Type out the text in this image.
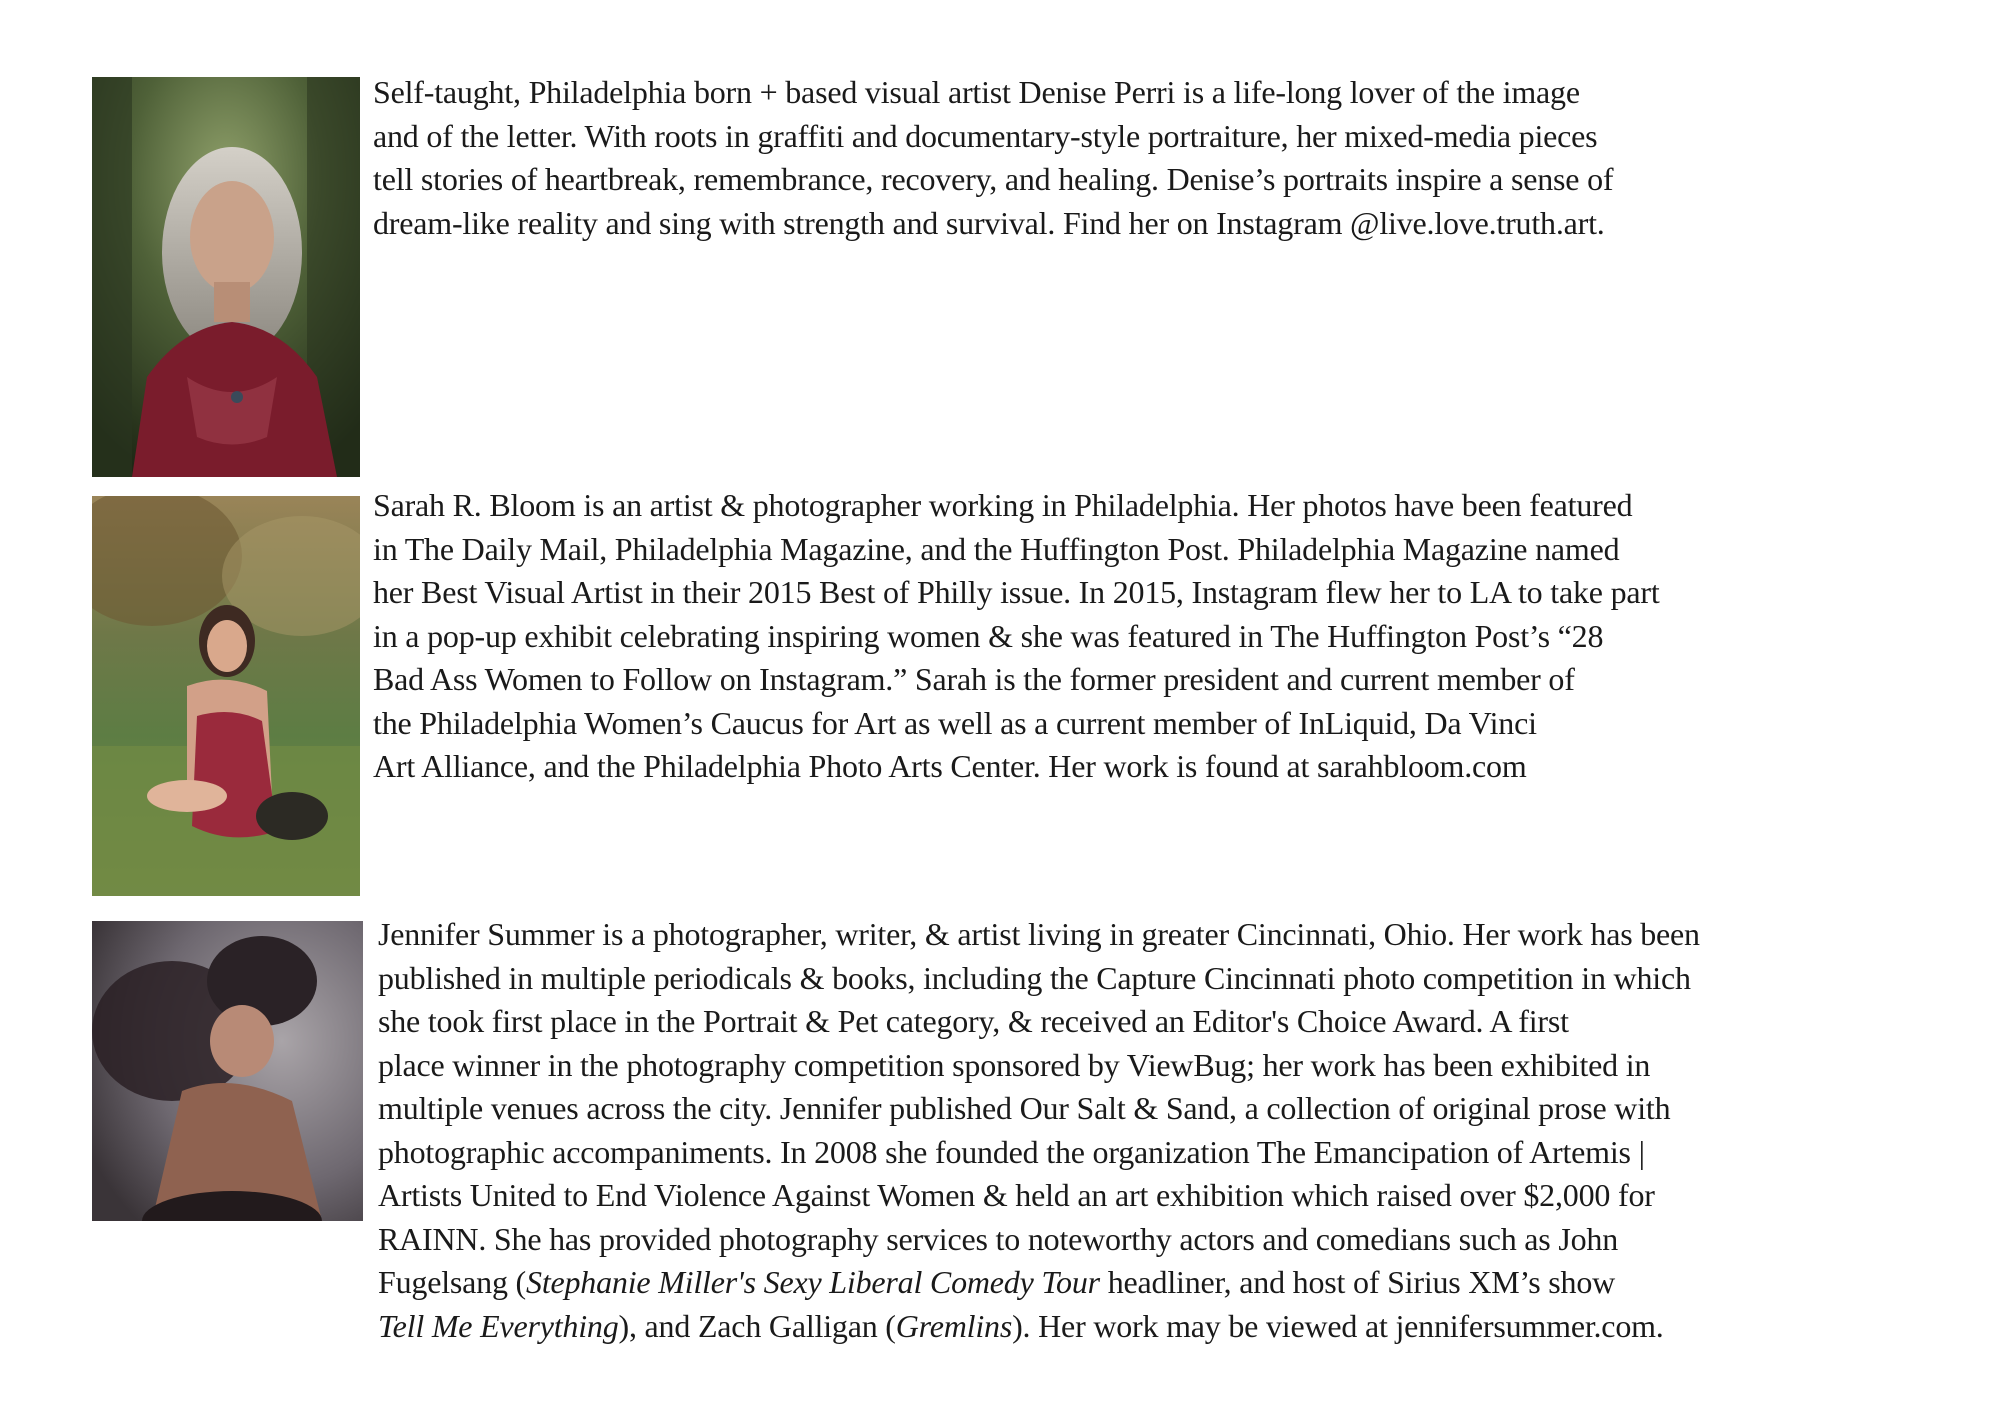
Self-taught, Philadelphia born + based visual artist Denise Perri is a life-long lover of the image
and of the letter. With roots in graffiti and documentary-style portraiture, her mixed-media pieces
tell stories of heartbreak, remembrance, recovery, and healing. Denise’s portraits inspire a sense of
dream-like reality and sing with strength and survival. Find her on Instagram @live.love.truth.art.
Sarah R. Bloom is an artist & photographer working in Philadelphia. Her photos have been featured
in The Daily Mail, Philadelphia Magazine, and the Huffington Post. Philadelphia Magazine named
her Best Visual Artist in their 2015 Best of Philly issue. In 2015, Instagram flew her to LA to take part
in a pop-up exhibit celebrating inspiring women & she was featured in The Huffington Post’s “28
Bad Ass Women to Follow on Instagram.” Sarah is the former president and current member of
the Philadelphia Women’s Caucus for Art as well as a current member of InLiquid, Da Vinci
Art Alliance, and the Philadelphia Photo Arts Center. Her work is found at sarahbloom.com
Jennifer Summer is a photographer, writer, & artist living in greater Cincinnati, Ohio. Her work has been
published in multiple periodicals & books, including the Capture Cincinnati photo competition in which
she took first place in the Portrait & Pet category, & received an Editor's Choice Award. A first
place winner in the photography competition sponsored by ViewBug; her work has been exhibited in
multiple venues across the city. Jennifer published Our Salt & Sand, a collection of original prose with
photographic accompaniments. In 2008 she founded the organization The Emancipation of Artemis |
Artists United to End Violence Against Women & held an art exhibition which raised over $2,000 for
RAINN. She has provided photography services to noteworthy actors and comedians such as John
Fugelsang (Stephanie Miller's Sexy Liberal Comedy Tour headliner, and host of Sirius XM’s show
Tell Me Everything), and Zach Galligan (Gremlins). Her work may be viewed at jennifersummer.com.
